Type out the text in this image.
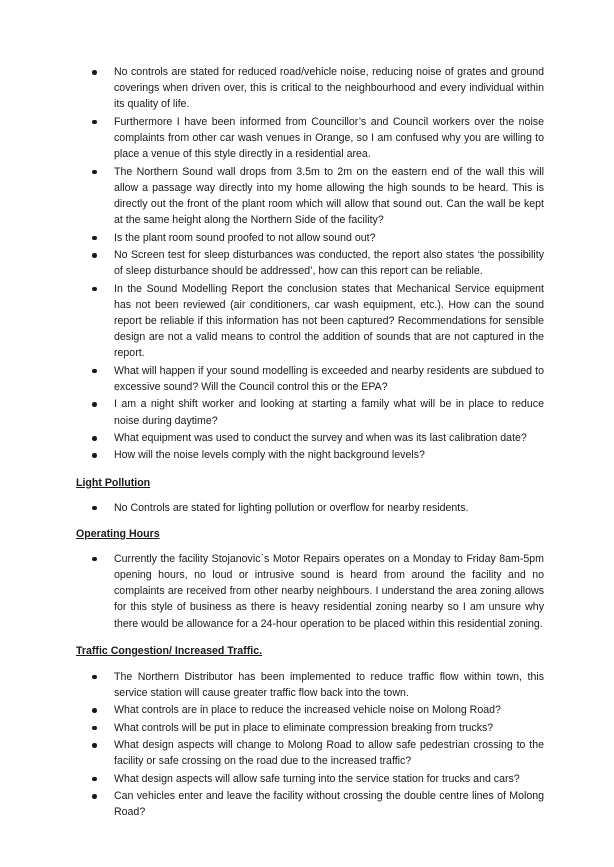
No controls are stated for reduced road/vehicle noise, reducing noise of grates and ground coverings when driven over, this is critical to the neighbourhood and every individual within its quality of life.
Furthermore I have been informed from Councillor’s and Council workers over the noise complaints from other car wash venues in Orange, so I am confused why you are willing to place a venue of this style directly in a residential area.
The Northern Sound wall drops from 3.5m to 2m on the eastern end of the wall this will allow a passage way directly into my home allowing the high sounds to be heard. This is directly out the front of the plant room which will allow that sound out. Can the wall be kept at the same height along the Northern Side of the facility?
Is the plant room sound proofed to not allow sound out?
No Screen test for sleep disturbances was conducted, the report also states ‘the possibility of sleep disturbance should be addressed’, how can this report can be reliable.
In the Sound Modelling Report the conclusion states that Mechanical Service equipment has not been reviewed (air conditioners, car wash equipment, etc.). How can the sound report be reliable if this information has not been captured? Recommendations for sensible design are not a valid means to control the addition of sounds that are not captured in the report.
What will happen if your sound modelling is exceeded and nearby residents are subdued to excessive sound? Will the Council control this or the EPA?
I am a night shift worker and looking at starting a family what will be in place to reduce noise during daytime?
What equipment was used to conduct the survey and when was its last calibration date?
How will the noise levels comply with the night background levels?

Light Pollution

No Controls are stated for lighting pollution or overflow for nearby residents.

Operating Hours

Currently the facility Stojanovic`s Motor Repairs operates on a Monday to Friday 8am-5pm opening hours, no loud or intrusive sound is heard from around the facility and no complaints are received from other nearby neighbours. I understand the area zoning allows for this style of business as there is heavy residential zoning nearby so I am unsure why there would be allowance for a 24-hour operation to be placed within this residential zoning.

Traffic Congestion/ Increased Traffic.

The Northern Distributor has been implemented to reduce traffic flow within town, this service station will cause greater traffic flow back into the town.
What controls are in place to reduce the increased vehicle noise on Molong Road?
What controls will be put in place to eliminate compression breaking from trucks?
What design aspects will change to Molong Road to allow safe pedestrian crossing to the facility or safe crossing on the road due to the increased traffic?
What design aspects will allow safe turning into the service station for trucks and cars?
Can vehicles enter and leave the facility without crossing the double centre lines of Molong Road?
